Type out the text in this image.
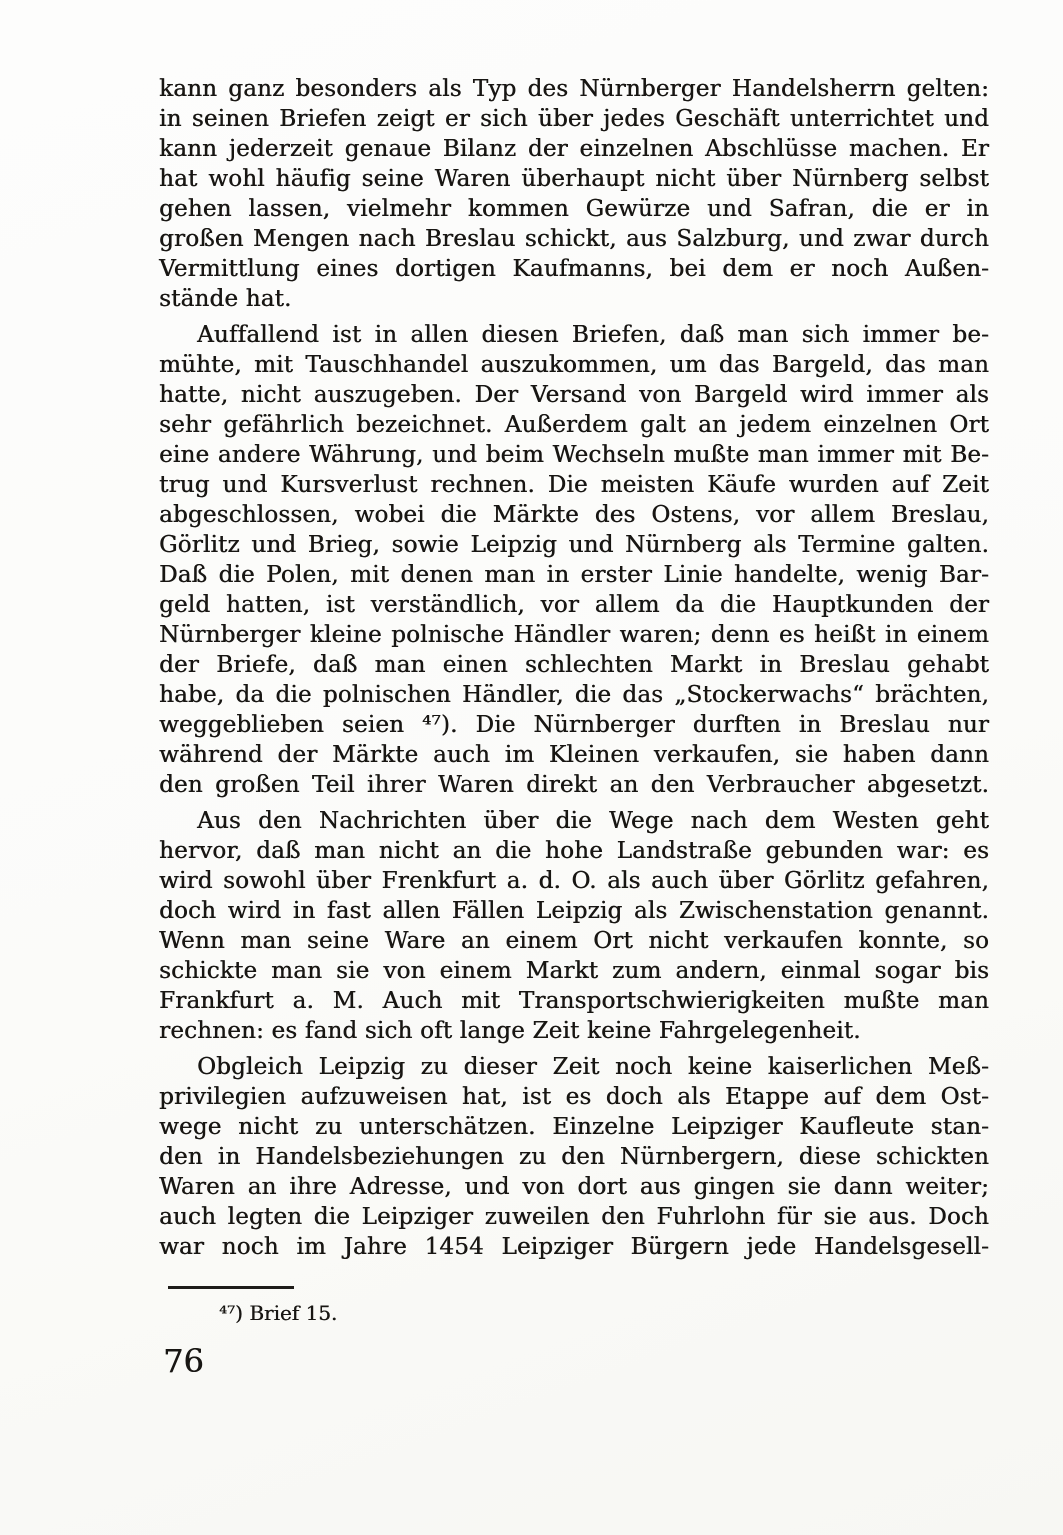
kann ganz besonders als Typ des Nürnberger Handelsherrn gelten:
in seinen Briefen zeigt er sich über jedes Geschäft unterrichtet und
kann jederzeit genaue Bilanz der einzelnen Abschlüsse machen. Er
hat wohl häufig seine Waren überhaupt nicht über Nürnberg selbst
gehen lassen, vielmehr kommen Gewürze und Safran, die er in
großen Mengen nach Breslau schickt, aus Salzburg, und zwar durch
Vermittlung eines dortigen Kaufmanns, bei dem er noch Außen-
stände hat.

Auffallend ist in allen diesen Briefen, daß man sich immer be-
mühte, mit Tauschhandel auszukommen, um das Bargeld, das man
hatte, nicht auszugeben. Der Versand von Bargeld wird immer als
sehr gefährlich bezeichnet. Außerdem galt an jedem einzelnen Ort
eine andere Währung, und beim Wechseln mußte man immer mit Be-
trug und Kursverlust rechnen. Die meisten Käufe wurden auf Zeit
abgeschlossen, wobei die Märkte des Ostens, vor allem Breslau,
Görlitz und Brieg, sowie Leipzig und Nürnberg als Termine galten.
Daß die Polen, mit denen man in erster Linie handelte, wenig Bar-
geld hatten, ist verständlich, vor allem da die Hauptkunden der
Nürnberger kleine polnische Händler waren; denn es heißt in einem
der Briefe, daß man einen schlechten Markt in Breslau gehabt
habe, da die polnischen Händler, die das „Stockerwachs“ brächten,
weggeblieben seien ⁴⁷). Die Nürnberger durften in Breslau nur
während der Märkte auch im Kleinen verkaufen, sie haben dann
den großen Teil ihrer Waren direkt an den Verbraucher abgesetzt.

Aus den Nachrichten über die Wege nach dem Westen geht
hervor, daß man nicht an die hohe Landstraße gebunden war: es
wird sowohl über Frenkfurt a. d. O. als auch über Görlitz gefahren,
doch wird in fast allen Fällen Leipzig als Zwischenstation genannt.
Wenn man seine Ware an einem Ort nicht verkaufen konnte, so
schickte man sie von einem Markt zum andern, einmal sogar bis
Frankfurt a. M. Auch mit Transportschwierigkeiten mußte man
rechnen: es fand sich oft lange Zeit keine Fahrgelegenheit.

Obgleich Leipzig zu dieser Zeit noch keine kaiserlichen Meß-
privilegien aufzuweisen hat, ist es doch als Etappe auf dem Ost-
wege nicht zu unterschätzen. Einzelne Leipziger Kaufleute stan-
den in Handelsbeziehungen zu den Nürnbergern, diese schickten
Waren an ihre Adresse, und von dort aus gingen sie dann weiter;
auch legten die Leipziger zuweilen den Fuhrlohn für sie aus. Doch
war noch im Jahre 1454 Leipziger Bürgern jede Handelsgesell-

⁴⁷) Brief 15.
76
